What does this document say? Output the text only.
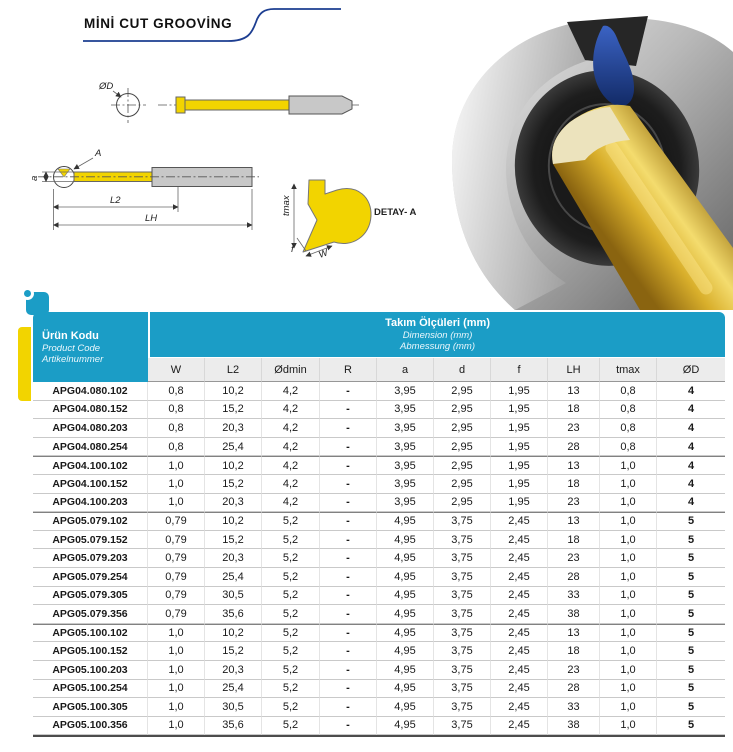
MİNİ CUT GROOVİNG
ØD
A
a
L2
LH
tmax
W
f
DETAY- A
Ürün Kodu
Product Code
Artikelnummer

Takım Ölçüleri (mm)
Dimension (mm)
Abmessung (mm)

	W	L2	Ødmin	R	a	d	f	LH	tmax	ØD
APG04.080.102	0,8	10,2	4,2	-	3,95	2,95	1,95	13	0,8	4
APG04.080.152	0,8	15,2	4,2	-	3,95	2,95	1,95	18	0,8	4
APG04.080.203	0,8	20,3	4,2	-	3,95	2,95	1,95	23	0,8	4
APG04.080.254	0,8	25,4	4,2	-	3,95	2,95	1,95	28	0,8	4
APG04.100.102	1,0	10,2	4,2	-	3,95	2,95	1,95	13	1,0	4
APG04.100.152	1,0	15,2	4,2	-	3,95	2,95	1,95	18	1,0	4
APG04.100.203	1,0	20,3	4,2	-	3,95	2,95	1,95	23	1,0	4
APG05.079.102	0,79	10,2	5,2	-	4,95	3,75	2,45	13	1,0	5
APG05.079.152	0,79	15,2	5,2	-	4,95	3,75	2,45	18	1,0	5
APG05.079.203	0,79	20,3	5,2	-	4,95	3,75	2,45	23	1,0	5
APG05.079.254	0,79	25,4	5,2	-	4,95	3,75	2,45	28	1,0	5
APG05.079.305	0,79	30,5	5,2	-	4,95	3,75	2,45	33	1,0	5
APG05.079.356	0,79	35,6	5,2	-	4,95	3,75	2,45	38	1,0	5
APG05.100.102	1,0	10,2	5,2	-	4,95	3,75	2,45	13	1,0	5
APG05.100.152	1,0	15,2	5,2	-	4,95	3,75	2,45	18	1,0	5
APG05.100.203	1,0	20,3	5,2	-	4,95	3,75	2,45	23	1,0	5
APG05.100.254	1,0	25,4	5,2	-	4,95	3,75	2,45	28	1,0	5
APG05.100.305	1,0	30,5	5,2	-	4,95	3,75	2,45	33	1,0	5
APG05.100.356	1,0	35,6	5,2	-	4,95	3,75	2,45	38	1,0	5
